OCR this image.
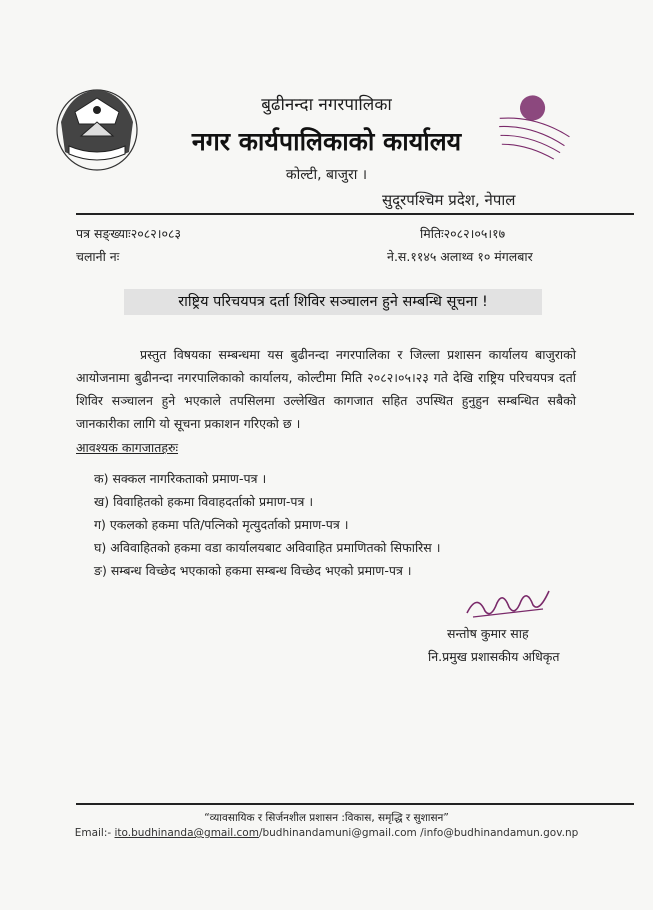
बुढीनन्दा नगरपालिका
नगर कार्यपालिकाको कार्यालय
कोल्टी, बाजुरा ।
सुदूरपश्चिम प्रदेश, नेपाल
पत्र सङ्ख्याः२०८२।०८३
चलानी नः
मितिः२०८२।०५।१७
ने.स.११४५ अलाथ्व १० मंगलबार
राष्ट्रिय परिचयपत्र दर्ता शिविर सञ्चालन हुने सम्बन्धि सूचना !
प्रस्तुत विषयका सम्बन्धमा यस बुढीनन्दा नगरपालिका र जिल्ला प्रशासन कार्यालय बाजुराको आयोजनामा बुढीनन्दा नगरपालिकाको कार्यालय, कोल्टीमा मिति २०८२।०५।२३ गते देखि राष्ट्रिय परिचयपत्र दर्ता शिविर सञ्चालन हुने भएकाले तपसिलमा उल्लेखित कागजात सहित उपस्थित हुनुहुन सम्बन्धित सबैको जानकारीका लागि यो सूचना प्रकाशन गरिएको छ ।
आवश्यक कागजातहरुः
क) सक्कल नागरिकताको प्रमाण-पत्र ।
ख) विवाहितको हकमा विवाहदर्ताको प्रमाण-पत्र ।
ग) एकलको हकमा पति/पत्निको मृत्युदर्ताको प्रमाण-पत्र ।
घ) अविवाहितको हकमा वडा कार्यालयबाट अविवाहित प्रमाणितको सिफारिस ।
ङ) सम्बन्ध विच्छेद भएकाको हकमा सम्बन्ध विच्छेद भएको प्रमाण-पत्र ।
सन्तोष कुमार साह
नि.प्रमुख प्रशासकीय अधिकृत
“व्यावसायिक र सिर्जनशील प्रशासन :विकास, समृद्धि र सुशासन”
Email:- ito.budhinanda@gmail.com/budhinandamuni@gmail.com /info@budhinandamun.gov.np
